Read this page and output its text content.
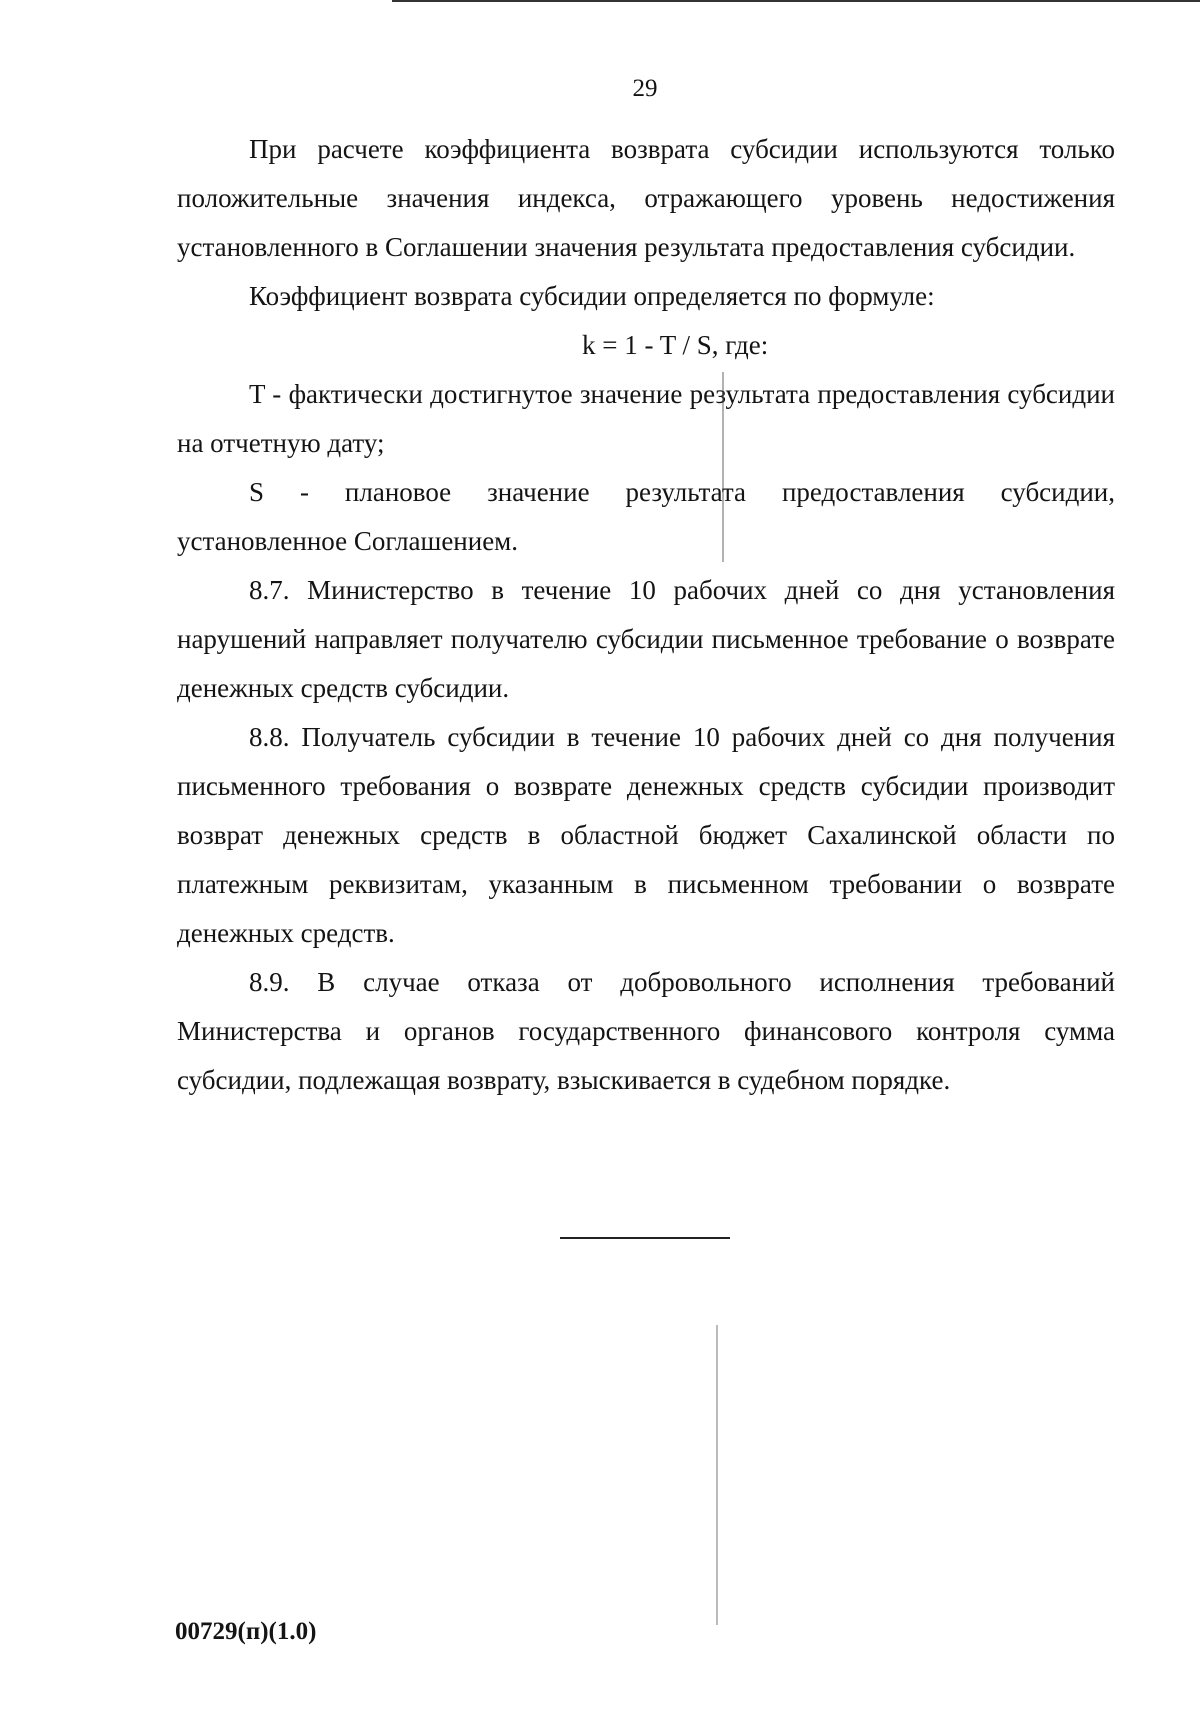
29

При расчете коэффициента возврата субсидии используются только положительные значения индекса, отражающего уровень недостижения установленного в Соглашении значения результата предоставления субсидии.

Коэффициент возврата субсидии определяется по формуле:

k = 1 - T / S, где:

T - фактически достигнутое значение результата предоставления субсидии на отчетную дату;

S - плановое значение результата предоставления субсидии, установленное Соглашением.

8.7. Министерство в течение 10 рабочих дней со дня установления нарушений направляет получателю субсидии письменное требование о возврате денежных средств субсидии.

8.8. Получатель субсидии в течение 10 рабочих дней со дня получения письменного требования о возврате денежных средств субсидии производит возврат денежных средств в областной бюджет Сахалинской области по платежным реквизитам, указанным в письменном требовании о возврате денежных средств.

8.9. В случае отказа от добровольного исполнения требований Министерства и органов государственного финансового контроля сумма субсидии, подлежащая возврату, взыскивается в судебном порядке.

00729(п)(1.0)
